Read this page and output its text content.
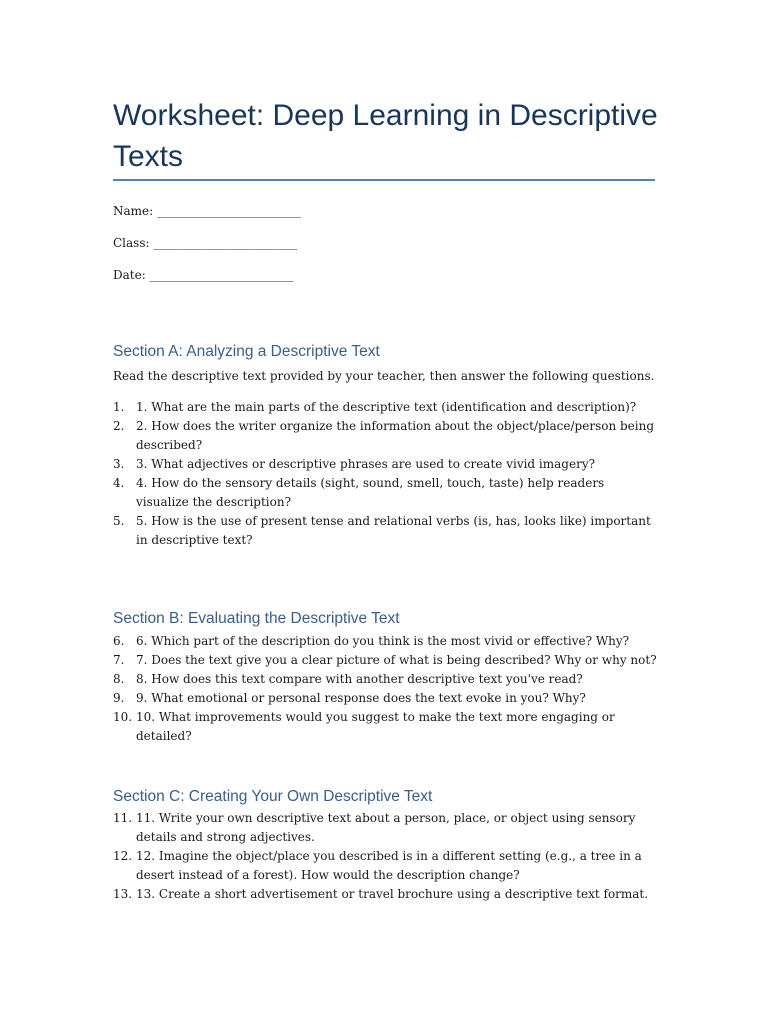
Worksheet: Deep Learning in Descriptive Texts
Name: ________________________
Class: ________________________
Date: ________________________
Section A: Analyzing a Descriptive Text
Read the descriptive text provided by your teacher, then answer the following questions.
1. 1. What are the main parts of the descriptive text (identification and description)?
2. 2. How does the writer organize the information about the object/place/person being described?
3. 3. What adjectives or descriptive phrases are used to create vivid imagery?
4. 4. How do the sensory details (sight, sound, smell, touch, taste) help readers visualize the description?
5. 5. How is the use of present tense and relational verbs (is, has, looks like) important in descriptive text?
Section B: Evaluating the Descriptive Text
6. 6. Which part of the description do you think is the most vivid or effective? Why?
7. 7. Does the text give you a clear picture of what is being described? Why or why not?
8. 8. How does this text compare with another descriptive text you've read?
9. 9. What emotional or personal response does the text evoke in you? Why?
10. 10. What improvements would you suggest to make the text more engaging or detailed?
Section C: Creating Your Own Descriptive Text
11. 11. Write your own descriptive text about a person, place, or object using sensory details and strong adjectives.
12. 12. Imagine the object/place you described is in a different setting (e.g., a tree in a desert instead of a forest). How would the description change?
13. 13. Create a short advertisement or travel brochure using a descriptive text format.
